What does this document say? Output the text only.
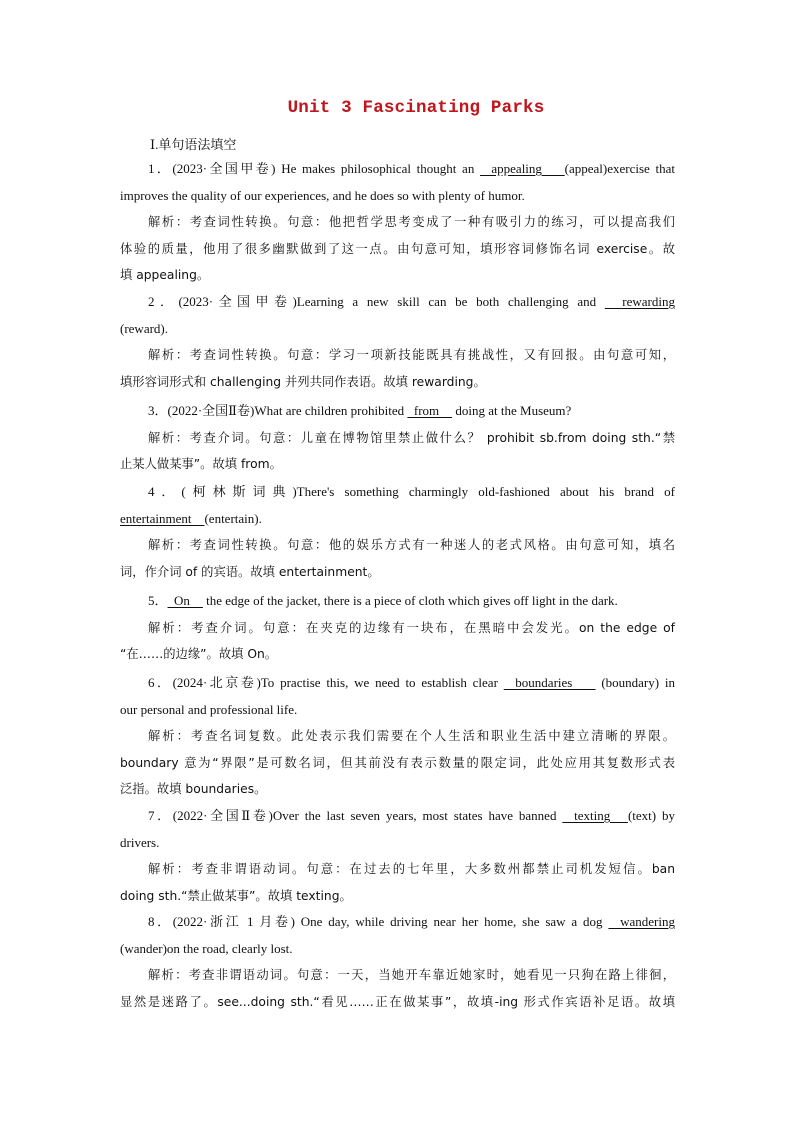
Unit 3 Fascinating Parks
Ⅰ.单句语法填空
1．(2023·全国甲卷) He makes philosophical thought an   appealing    (appeal)exercise that
improves the quality of our experiences, and he does so with plenty of humor.
解析：考查词性转换。句意：他把哲学思考变成了一种有吸引力的练习，可以提高我们
体验的质量，他用了很多幽默做到了这一点。由句意可知，填形容词修饰名词 exercise。故
填 appealing。
2．(2023·全国甲卷)Learning a new skill can be both challenging and   rewarding
(reward).
解析：考查词性转换。句意：学习一项新技能既具有挑战性，又有回报。由句意可知，
填形容词形式和 challenging 并列共同作表语。故填 rewarding。
3．(2022·全国Ⅱ卷)What are children prohibited   from     doing at the Museum?
解析：考查介词。句意：儿童在博物馆里禁止做什么？ prohibit sb.from doing sth.“禁
止某人做某事”。故填 from。
4．(柯林斯词典)There's something charmingly old-fashioned about his brand of
entertainment    (entertain).
解析：考查词性转换。句意：他的娱乐方式有一种迷人的老式风格。由句意可知，填名
词，作介词 of 的宾语。故填 entertainment。
5．  On     the edge of the jacket, there is a piece of cloth which gives off light in the dark.
解析：考查介词。句意：在夹克的边缘有一块布，在黑暗中会发光。on the edge of
“在……的边缘”。故填 On。
6．(2024·北京卷)To practise this, we need to establish clear   boundaries     (boundary) in
our personal and professional life.
解析：考查名词复数。此处表示我们需要在个人生活和职业生活中建立清晰的界限。
boundary 意为“界限”是可数名词，但其前没有表示数量的限定词，此处应用其复数形式表
泛指。故填 boundaries。
7．(2022·全国Ⅱ卷)Over the last seven years, most states have banned   texting   (text) by
drivers.
解析：考查非谓语动词。句意：在过去的七年里，大多数州都禁止司机发短信。ban
doing sth.“禁止做某事”。故填 texting。
8．(2022·浙江 1 月卷) One day, while driving near her home, she saw a dog   wandering
(wander)on the road, clearly lost.
解析：考查非谓语动词。句意：一天，当她开车靠近她家时，她看见一只狗在路上徘徊，
显然是迷路了。see...doing sth.“看见……正在做某事”，故填-ing 形式作宾语补足语。故填
